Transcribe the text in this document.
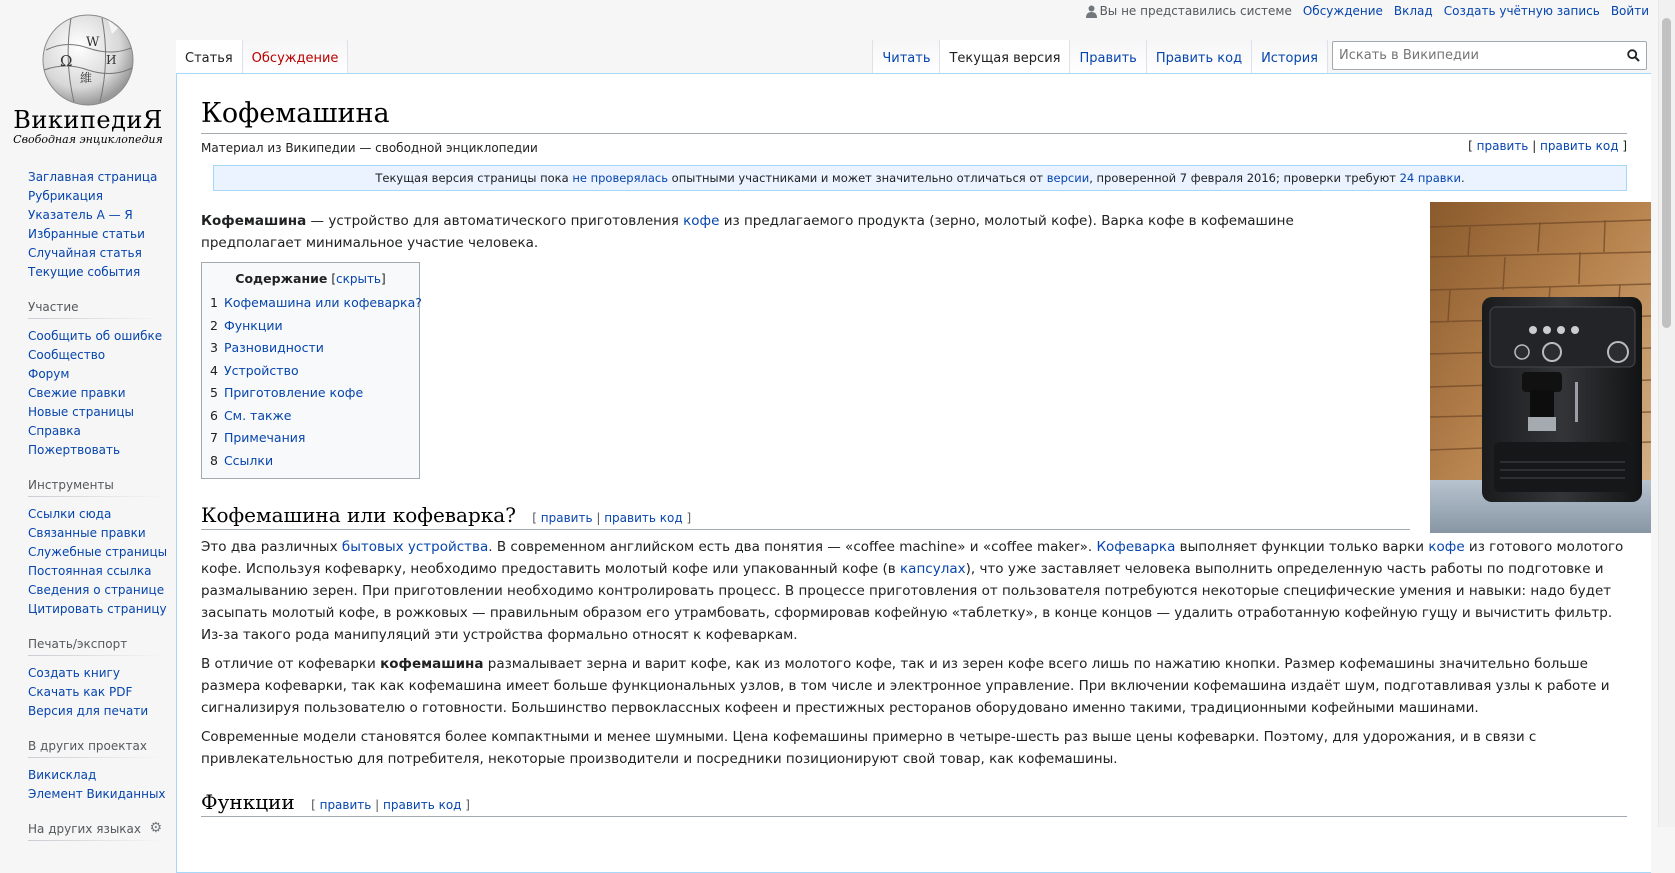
Ω
W
И
維
ВикипедиЯ
Свободная энциклопедия
Заглавная страница
Рубрикация
Указатель А — Я
Избранные статьи
Случайная статья
Текущие события
Участие
Сообщить об ошибке
Сообщество
Форум
Свежие правки
Новые страницы
Справка
Пожертвовать
Инструменты
Ссылки сюда
Связанные правки
Служебные страницы
Постоянная ссылка
Сведения о странице
Цитировать страницу
Печать/экспорт
Создать книгу
Скачать как PDF
Версия для печати
В других проектах
Викисклад
Элемент Викиданных
На других языках ⚙
Вы не представились системе Обсуждение Вклад Создать учётную запись Войти
Статья Обсуждение	Читать Текущая версия Править Править код История
Искать в Википедии
Кофемашина
Материал из Википедии — свободной энциклопедии	[ править | править код ]
Текущая версия страницы пока не проверялась опытными участниками и может значительно отличаться от версии, проверенной 7 февраля 2016; проверки требуют 24 правки.
Кофемашина — устройство для автоматического приготовления кофе из предлагаемого продукта (зерно, молотый кофе). Варка кофе в кофемашине предполагает минимальное участие человека.
Содержание [скрыть]
1 Кофемашина или кофеварка?
2 Функции
3 Разновидности
4 Устройство
5 Приготовление кофе
6 См. также
7 Примечания
8 Ссылки
Кофемашина или кофеварка? [ править | править код ]

Это два различных бытовых устройства. В современном английском есть два понятия — «coffee machine» и «coffee maker». Кофеварка выполняет функции только варки кофе из готового молотого кофе. Используя кофеварку, необходимо предоставить молотый кофе или упакованный кофе (в капсулах), что уже заставляет человека выполнить определенную часть работы по подготовке и размалыванию зерен. При приготовлении необходимо контролировать процесс. В процессе приготовления от пользователя потребуются некоторые специфические умения и навыки: надо будет засыпать молотый кофе, в рожковых — правильным образом его утрамбовать, сформировав кофейную «таблетку», в конце концов — удалить отработанную кофейную гущу и вычистить фильтр. Из-за такого рода манипуляций эти устройства формально относят к кофеваркам.

В отличие от кофеварки кофемашина размалывает зерна и варит кофе, как из молотого кофе, так и из зерен кофе всего лишь по нажатию кнопки. Размер кофемашины значительно больше размера кофеварки, так как кофемашина имеет больше функциональных узлов, в том числе и электронное управление. При включении кофемашина издаёт шум, подготавливая узлы к работе и сигнализируя пользователю о готовности. Большинство первоклассных кофеен и престижных ресторанов оборудовано именно такими, традиционными кофейными машинами.

Современные модели становятся более компактными и менее шумными. Цена кофемашины примерно в четыре-шесть раз выше цены кофеварки. Поэтому, для удорожания, и в связи с привлекательностью для потребителя, некоторые производители и посредники позиционируют свой товар, как кофемашины.

Функции [ править | править код ]
